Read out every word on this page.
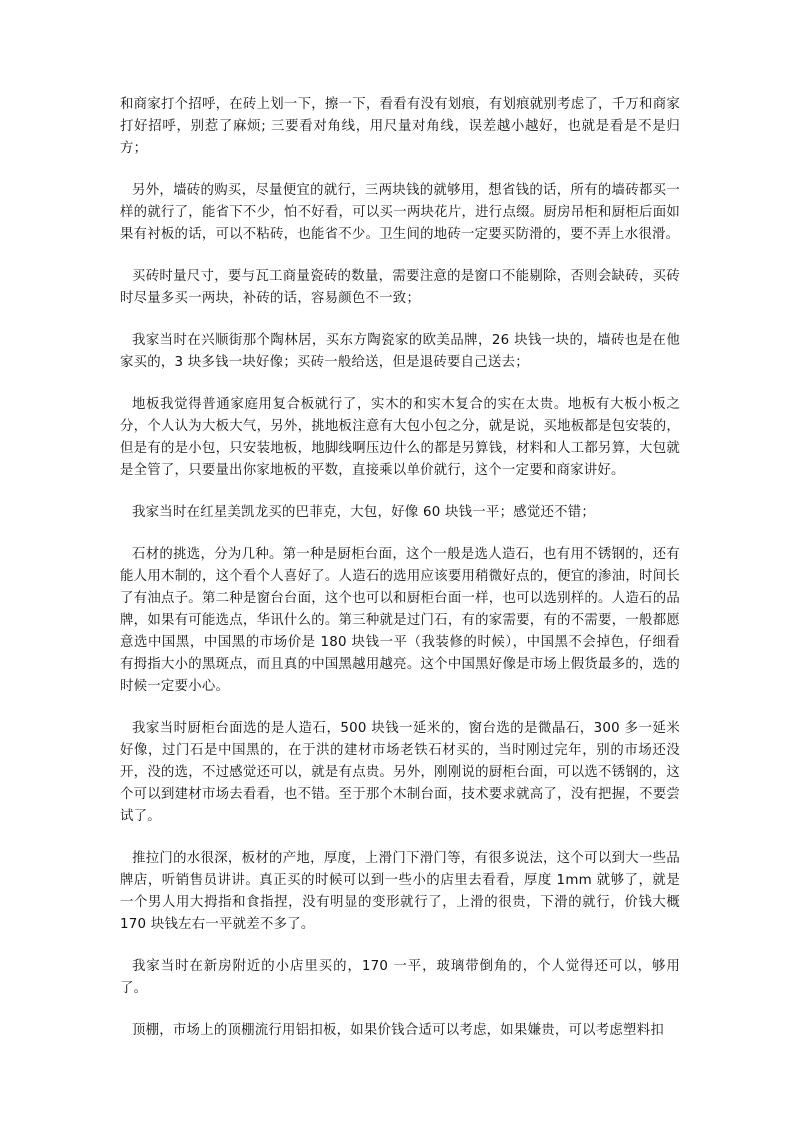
和商家打个招呼，在砖上划一下，擦一下，看看有没有划痕，有划痕就别考虑了，千万和商家打好招呼，别惹了麻烦; 三要看对角线，用尺量对角线，误差越小越好，也就是看是不是归方；

另外，墙砖的购买，尽量便宜的就行，三两块钱的就够用，想省钱的话，所有的墙砖都买一样的就行了，能省下不少，怕不好看，可以买一两块花片，进行点缀。厨房吊柜和厨柜后面如果有衬板的话，可以不粘砖，也能省不少。卫生间的地砖一定要买防滑的，要不弄上水很滑。

买砖时量尺寸，要与瓦工商量瓷砖的数量，需要注意的是窗口不能剔除，否则会缺砖，买砖时尽量多买一两块，补砖的话，容易颜色不一致；

我家当时在兴顺街那个陶林居，买东方陶瓷家的欧美品牌，26 块钱一块的，墙砖也是在他家买的，3 块多钱一块好像；买砖一般给送，但是退砖要自己送去；

地板我觉得普通家庭用复合板就行了，实木的和实木复合的实在太贵。地板有大板小板之分，个人认为大板大气，另外，挑地板注意有大包小包之分，就是说，买地板都是包安装的，但是有的是小包，只安装地板，地脚线啊压边什么的都是另算钱，材料和人工都另算，大包就是全管了，只要量出你家地板的平数，直接乘以单价就行，这个一定要和商家讲好。

我家当时在红星美凯龙买的巴菲克，大包，好像 60 块钱一平；感觉还不错；

石材的挑选，分为几种。第一种是厨柜台面，这个一般是选人造石，也有用不锈钢的，还有能人用木制的，这个看个人喜好了。人造石的选用应该要用稍微好点的，便宜的渗油，时间长了有油点子。第二种是窗台台面，这个也可以和厨柜台面一样，也可以选别样的。人造石的品牌，如果有可能选点，华讯什么的。第三种就是过门石，有的家需要，有的不需要，一般都愿意选中国黑，中国黑的市场价是 180 块钱一平（我装修的时候），中国黑不会掉色，仔细看有拇指大小的黑斑点，而且真的中国黑越用越亮。这个中国黑好像是市场上假货最多的，选的时候一定要小心。

我家当时厨柜台面选的是人造石，500 块钱一延米的，窗台选的是微晶石，300 多一延米好像，过门石是中国黑的，在于洪的建材市场老铁石材买的，当时刚过完年，别的市场还没开，没的选，不过感觉还可以，就是有点贵。另外，刚刚说的厨柜台面，可以选不锈钢的，这个可以到建材市场去看看，也不错。至于那个木制台面，技术要求就高了，没有把握，不要尝试了。

推拉门的水很深，板材的产地，厚度，上滑门下滑门等，有很多说法，这个可以到大一些品牌店，听销售员讲讲。真正买的时候可以到一些小的店里去看看，厚度 1mm 就够了，就是一个男人用大拇指和食指捏，没有明显的变形就行了，上滑的很贵，下滑的就行，价钱大概 170 块钱左右一平就差不多了。

我家当时在新房附近的小店里买的，170 一平，玻璃带倒角的，个人觉得还可以，够用了。

顶棚，市场上的顶棚流行用铝扣板，如果价钱合适可以考虑，如果嫌贵，可以考虑塑料扣
